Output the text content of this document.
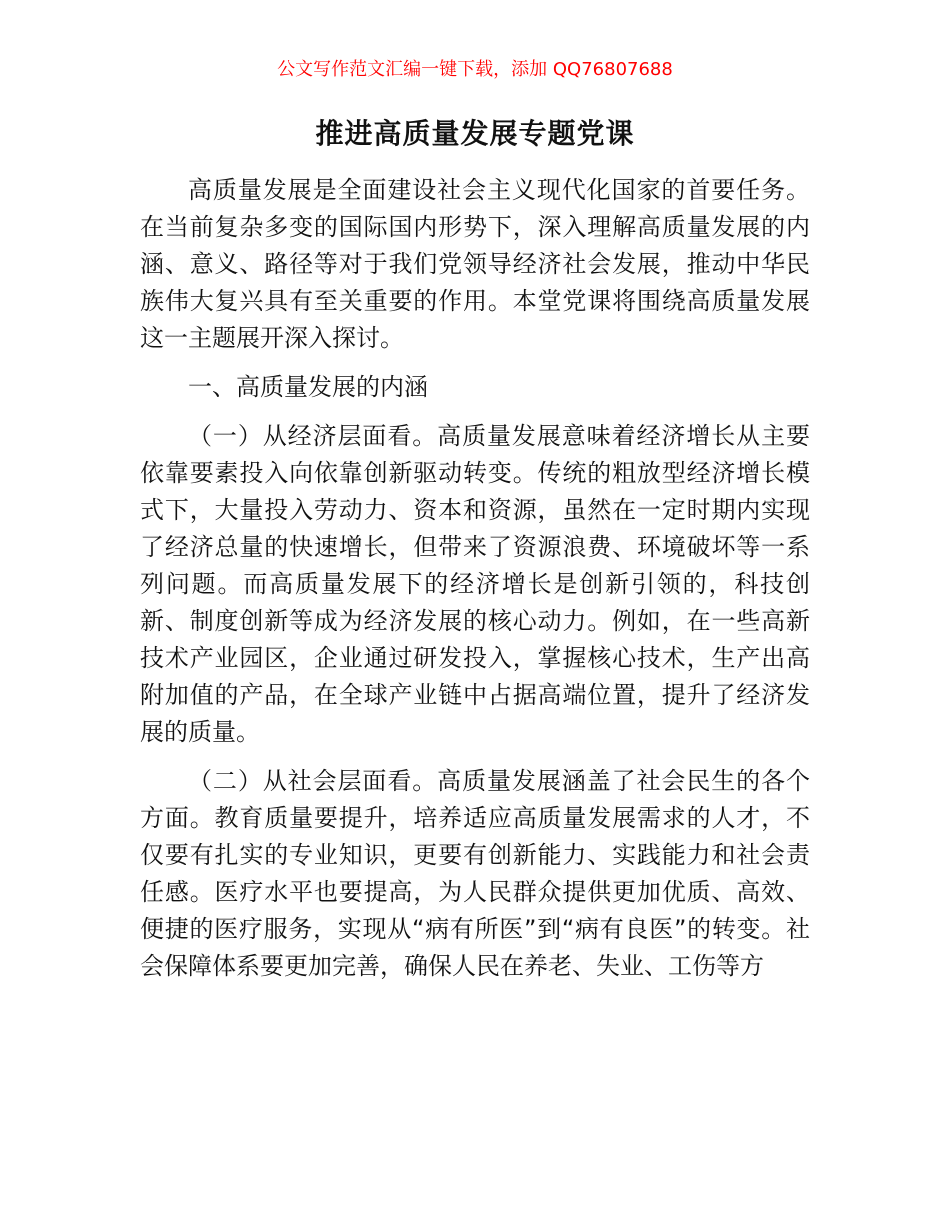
公文写作范文汇编一键下载，添加 QQ76807688
推进高质量发展专题党课

高质量发展是全面建设社会主义现代化国家的首要任务。在当前复杂多变的国际国内形势下，深入理解高质量发展的内涵、意义、路径等对于我们党领导经济社会发展，推动中华民族伟大复兴具有至关重要的作用。本堂党课将围绕高质量发展这一主题展开深入探讨。

一、高质量发展的内涵

（一）从经济层面看。高质量发展意味着经济增长从主要依靠要素投入向依靠创新驱动转变。传统的粗放型经济增长模式下，大量投入劳动力、资本和资源，虽然在一定时期内实现了经济总量的快速增长，但带来了资源浪费、环境破坏等一系列问题。而高质量发展下的经济增长是创新引领的，科技创新、制度创新等成为经济发展的核心动力。例如，在一些高新技术产业园区，企业通过研发投入，掌握核心技术，生产出高附加值的产品，在全球产业链中占据高端位置，提升了经济发展的质量。

（二）从社会层面看。高质量发展涵盖了社会民生的各个方面。教育质量要提升，培养适应高质量发展需求的人才，不仅要有扎实的专业知识，更要有创新能力、实践能力和社会责任感。医疗水平也要提高，为人民群众提供更加优质、高效、便捷的医疗服务，实现从“病有所医”到“病有良医”的转变。社会保障体系要更加完善，确保人民在养老、失业、工伤等方
